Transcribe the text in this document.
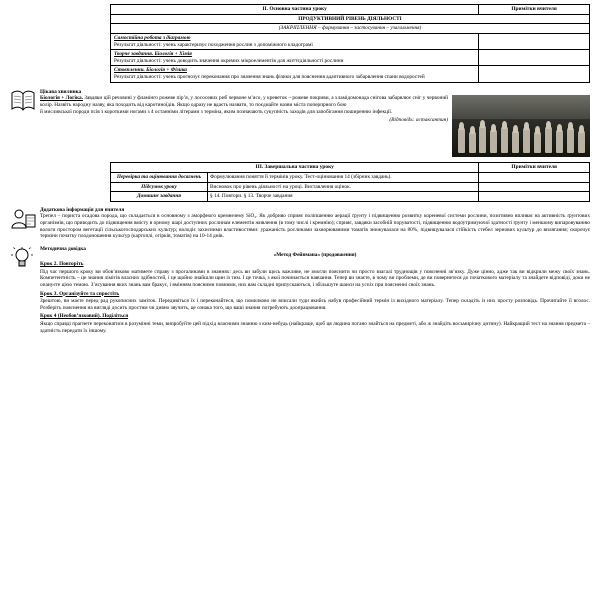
II. Основна частина уроку	Примітки вчителя
ПРОДУКТИВНИЙ РІВЕНЬ ДІЯЛЬНОСТІ	
(ЗАКРІПЛЕННЯ – формування – застосування – узагальнення)	

Самостійна робота з діаграмою
Результат діяльності: учень характеризує походження рослин з допоміжного кладограмі	

Творче завдання. Біологія + Хімія
Результат діяльності: учень доводить значення окремих мікроелементів для життєдіяльності рослини	

Стовпленни. Біологія + Фізика
Результат діяльності: учень прогнозує переконання про значення знань фізики для пояснення адаптивного забарвлення спани водоростей	

Цікава хвилинка

Біологія + Логіка. Завдяки цій речовині у фламінго рожеве пір’я, у лососевих риб червоне м’ясо, у креветок – рожеве покриви, а хламідомонада снігова забарвлює сніг у червоний колір. Назвіть народну назву, яка походить від каротиноїдів. Якщо одразу не вдаєть назвати, то поєднайте назви міста поперпрного бою

й мисливської породи псів з короткими ногами з 4 останніми літерами з терміна, яким позначають сукупність заходів для запобігання поширенню інфекції.

(Відповідь: астаксантин)

III. Завершальна частина уроку	Примітки вчителя

Перевірка та оцінювання досягнень	Формулювання поняття й термінів уроку. Тест-оцінювання 14 (збірник завдань).

Підсумок уроку	Висновок про рівень діяльності на уроці. Виставлення оцінок.

Домашнє завдання	§ 14. Повтори. § 13. Творче завдання

Додаткова інформація для вчителя

Трепел – пориста осадова порода, що складається в основному з аморфного кремнезему SiO₂. Як добриво сприяє поліпшенню аерації ґрунту і підвищенню розвитку кореневої системи рослини, позитивно впливає на активність ґрунтових організмів, що приводить до підвищення вмісту в орному шарі доступних рослинам елементів живлення (в тому числі і кремнію); сприяє, завдяки засобній поруватості, підвищенню водоутримуючої здатності ґрунту і меншому випаровуванню вологи простором вегетації сільськогосподарських культур; володіє захисними властивостями: уражаність рослинами захворюваними томатів знижувалася на 80%, підвищувалася стійкість стебел зернових культур до вилягання; скорочує терміни початку плодоношення культур (картоплі, огірків, томатів) на 10-14 днів.

Методична довідка

«Метод Фейнмана» (продовження)

Крок 2. Повторіть

Під час першого кроку ви обов’язково матимете справу з прогалинами в знаннях: десь ви забули щось важливе, не змогли пояснити чи просто взагалі труднощів у поясненні зв’язку. Дуже цінно, адже так ви відкрили межу своїх знань. Компетентність – це знання лімітів власних здібностей, і це щойно знайшли щин із тим. І це точка, з якої починається навчання. Тепер ви знаєте, в чому ви проблеми, де ви повернетеся до початкового матеріалу та знайдете відповіді, доки не опануєте цією темою. З’ясування яких знань вам бракує, і вмінням поясними повними, них вам складні припускаються, і збільшуте шанси на успіх при поясненні своїх знань.

Крок 3. Організуйте та спростіть

Зрештою, ви маєте перед рад рукописних заміток. Передивіться їх і переконайтеся, що помилково не вписали туди якийсь набув професійний термін із вихідного матеріалу. Тепер складіть із них просту розповідь. Прочитайте її вголос. Розберіть пояснення на вигляді досить простим чи дивно звучить, це ознака того, що ваші знання потребують доопрацювання.

Крок 4 (Необов’язковий). Поділіться

Якщо справді прагнете переконатися в розумінні теми, випробуйте цей підхід власними знанню з ким-небудь (найкраще, щоб ця людина погано знайться на предметі, або ж знайдіть восьмирічну дитину). Найкращий тест на знання предмета – здатність передати їх іншому.
